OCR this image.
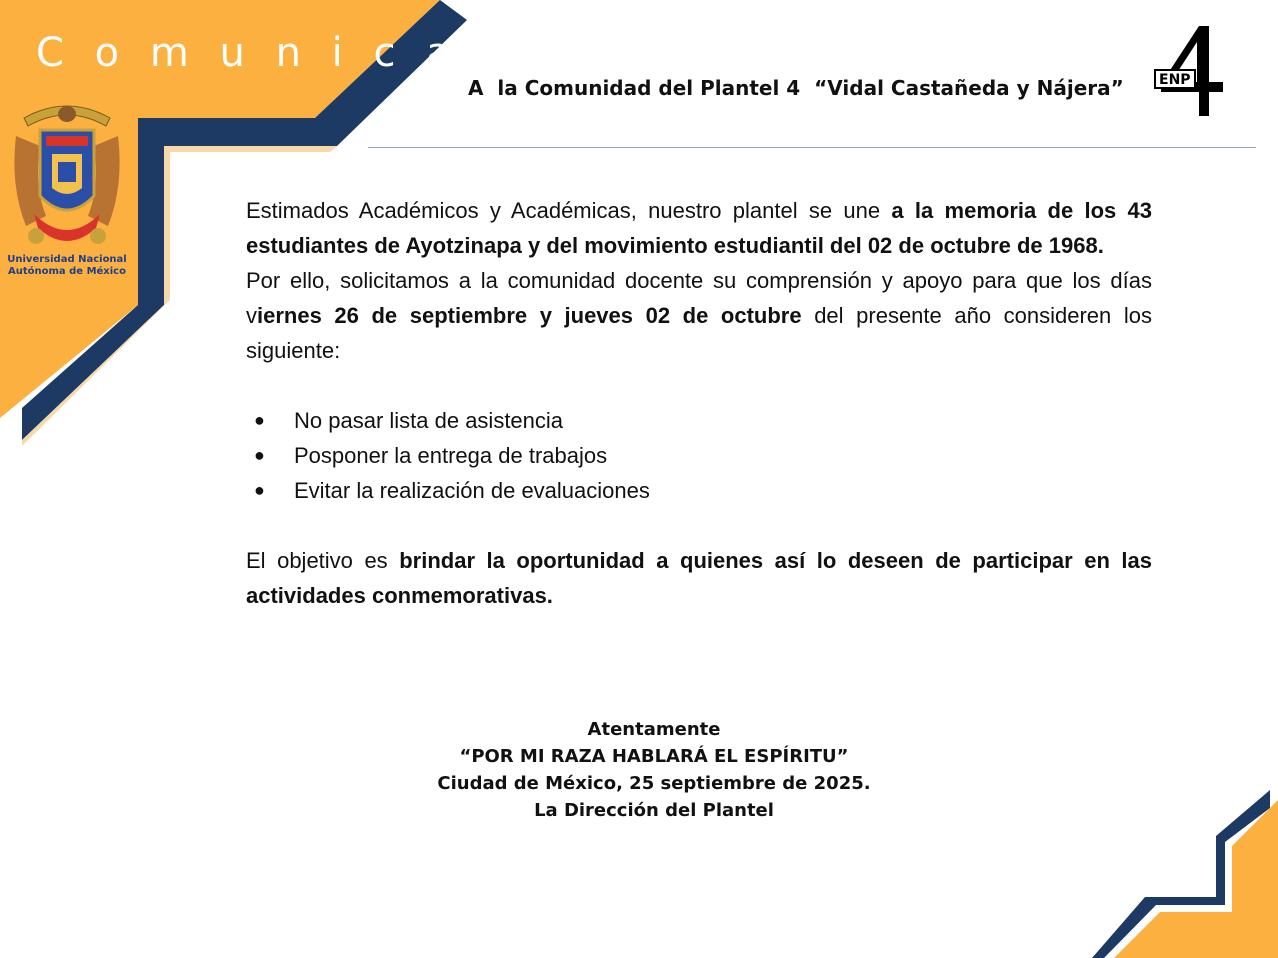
C o m u n i c a d o
Universidad Nacional
Autónoma de México
A  la Comunidad del Plantel 4  “Vidal Castañeda y Nájera”	ENP

Estimados Académicos y Académicas, nuestro plantel se une a la memoria de los 43 estudiantes de Ayotzinapa y del movimiento estudiantil del 02 de octubre de 1968.

Por ello, solicitamos a la comunidad docente su comprensión y apoyo para que los días viernes 26 de septiembre y jueves 02 de octubre del presente año consideren los siguiente:

● No pasar lista de asistencia
● Posponer la entrega de trabajos
● Evitar la realización de evaluaciones

El objetivo es brindar la oportunidad a quienes así lo deseen de participar en las actividades conmemorativas.

Atentamente
“POR MI RAZA HABLARÁ EL ESPÍRITU”
Ciudad de México, 25 septiembre de 2025.
La Dirección del Plantel
